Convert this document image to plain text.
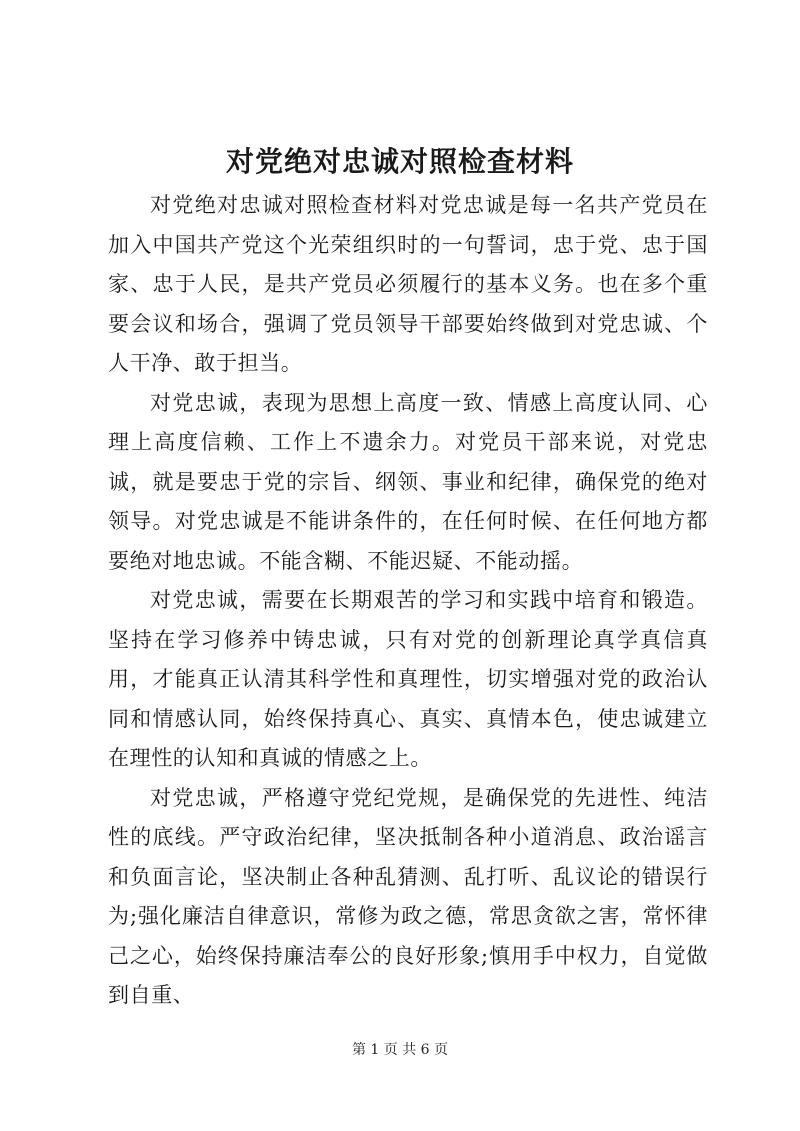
对党绝对忠诚对照检查材料

对党绝对忠诚对照检查材料对党忠诚是每一名共产党员在加入中国共产党这个光荣组织时的一句誓词，忠于党、忠于国家、忠于人民，是共产党员必须履行的基本义务。也在多个重要会议和场合，强调了党员领导干部要始终做到对党忠诚、个人干净、敢于担当。

对党忠诚，表现为思想上高度一致、情感上高度认同、心理上高度信赖、工作上不遗余力。对党员干部来说，对党忠诚，就是要忠于党的宗旨、纲领、事业和纪律，确保党的绝对领导。对党忠诚是不能讲条件的，在任何时候、在任何地方都要绝对地忠诚。不能含糊、不能迟疑、不能动摇。

对党忠诚，需要在长期艰苦的学习和实践中培育和锻造。坚持在学习修养中铸忠诚，只有对党的创新理论真学真信真用，才能真正认清其科学性和真理性，切实增强对党的政治认同和情感认同，始终保持真心、真实、真情本色，使忠诚建立在理性的认知和真诚的情感之上。

对党忠诚，严格遵守党纪党规，是确保党的先进性、纯洁性的底线。严守政治纪律，坚决抵制各种小道消息、政治谣言和负面言论，坚决制止各种乱猜测、乱打听、乱议论的错误行为;强化廉洁自律意识，常修为政之德，常思贪欲之害，常怀律己之心，始终保持廉洁奉公的良好形象;慎用手中权力，自觉做到自重、

第 1 页 共 6 页
